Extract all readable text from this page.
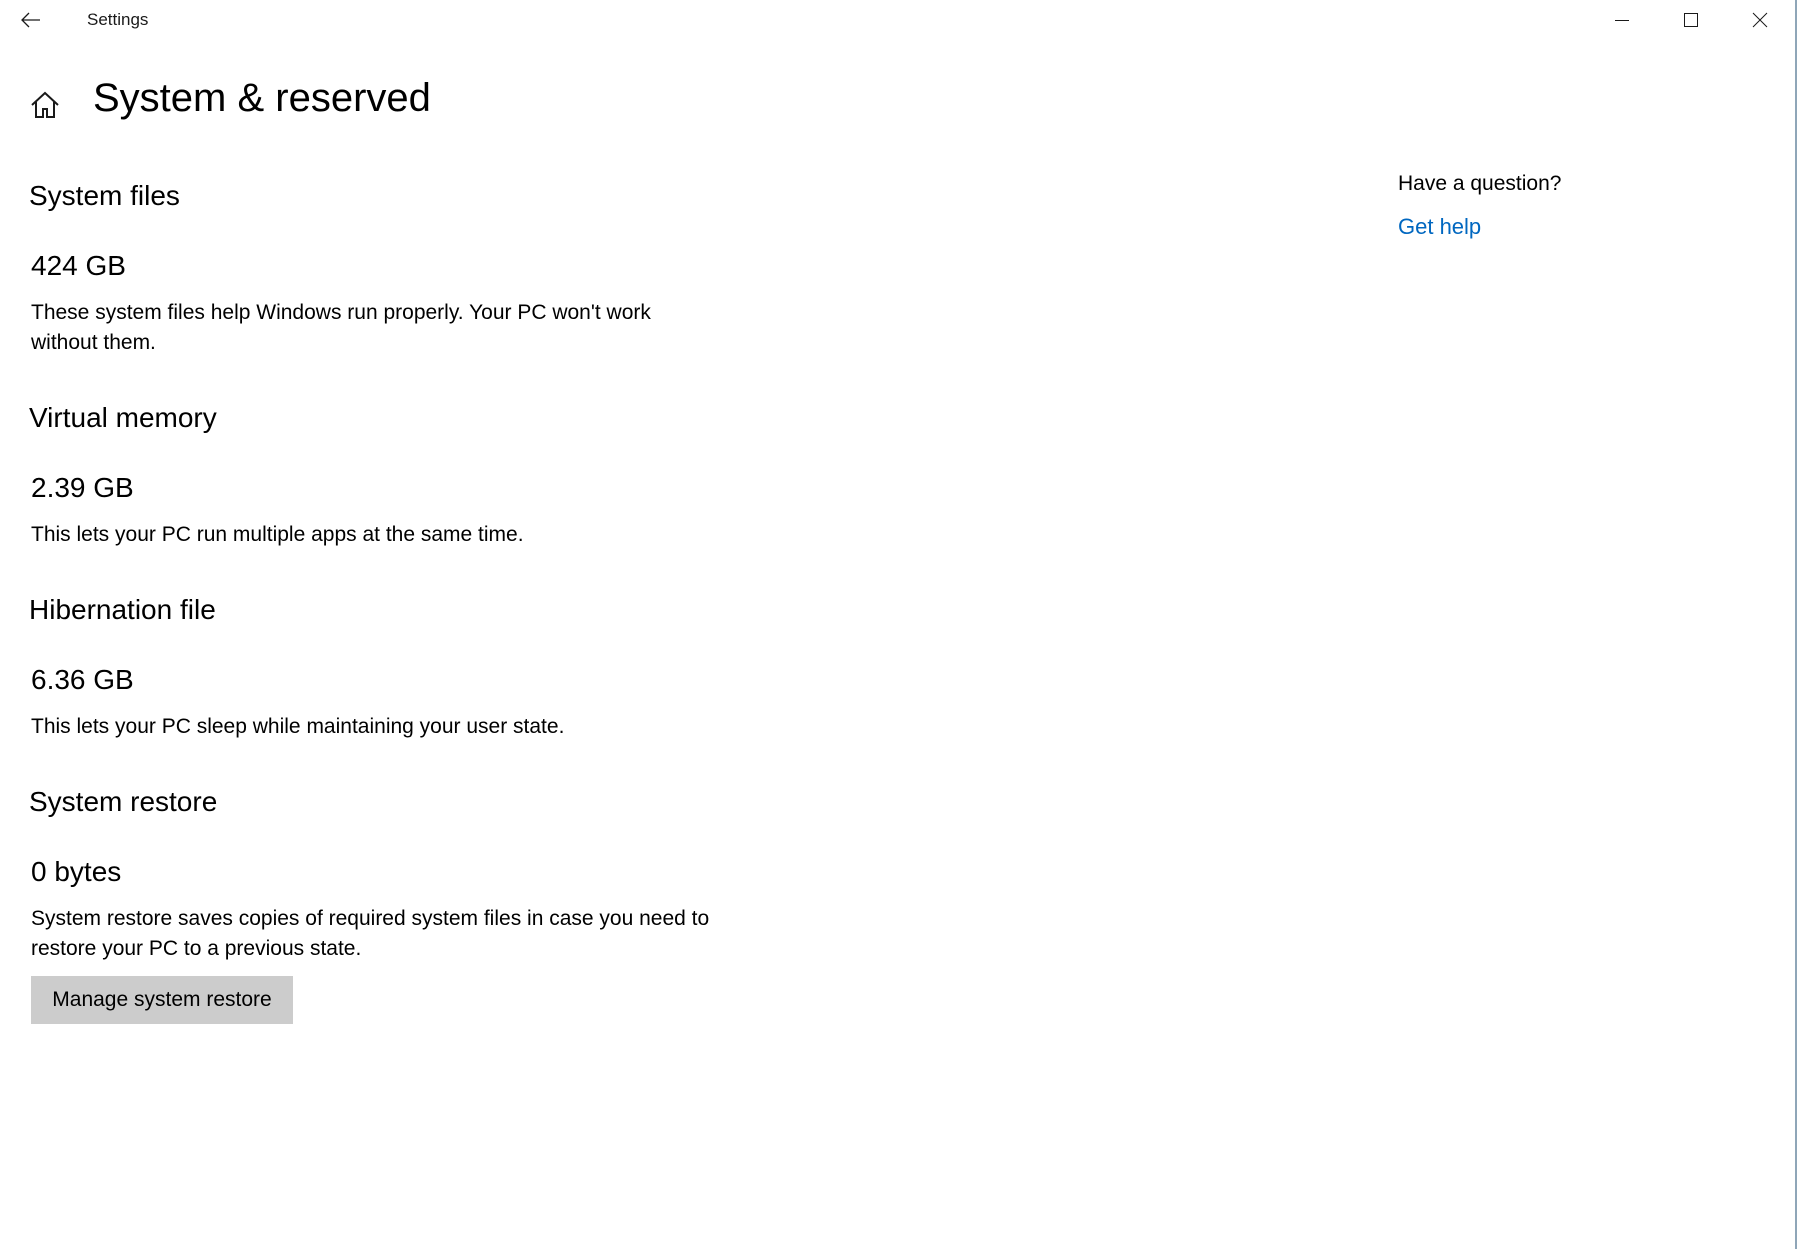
Settings
System & reserved
System files
424 GB
These system files help Windows run properly. Your PC won't work without them.
Virtual memory
2.39 GB
This lets your PC run multiple apps at the same time.
Hibernation file
6.36 GB
This lets your PC sleep while maintaining your user state.
System restore
0 bytes
System restore saves copies of required system files in case you need to restore your PC to a previous state.
Manage system restore
Have a question?
Get help
